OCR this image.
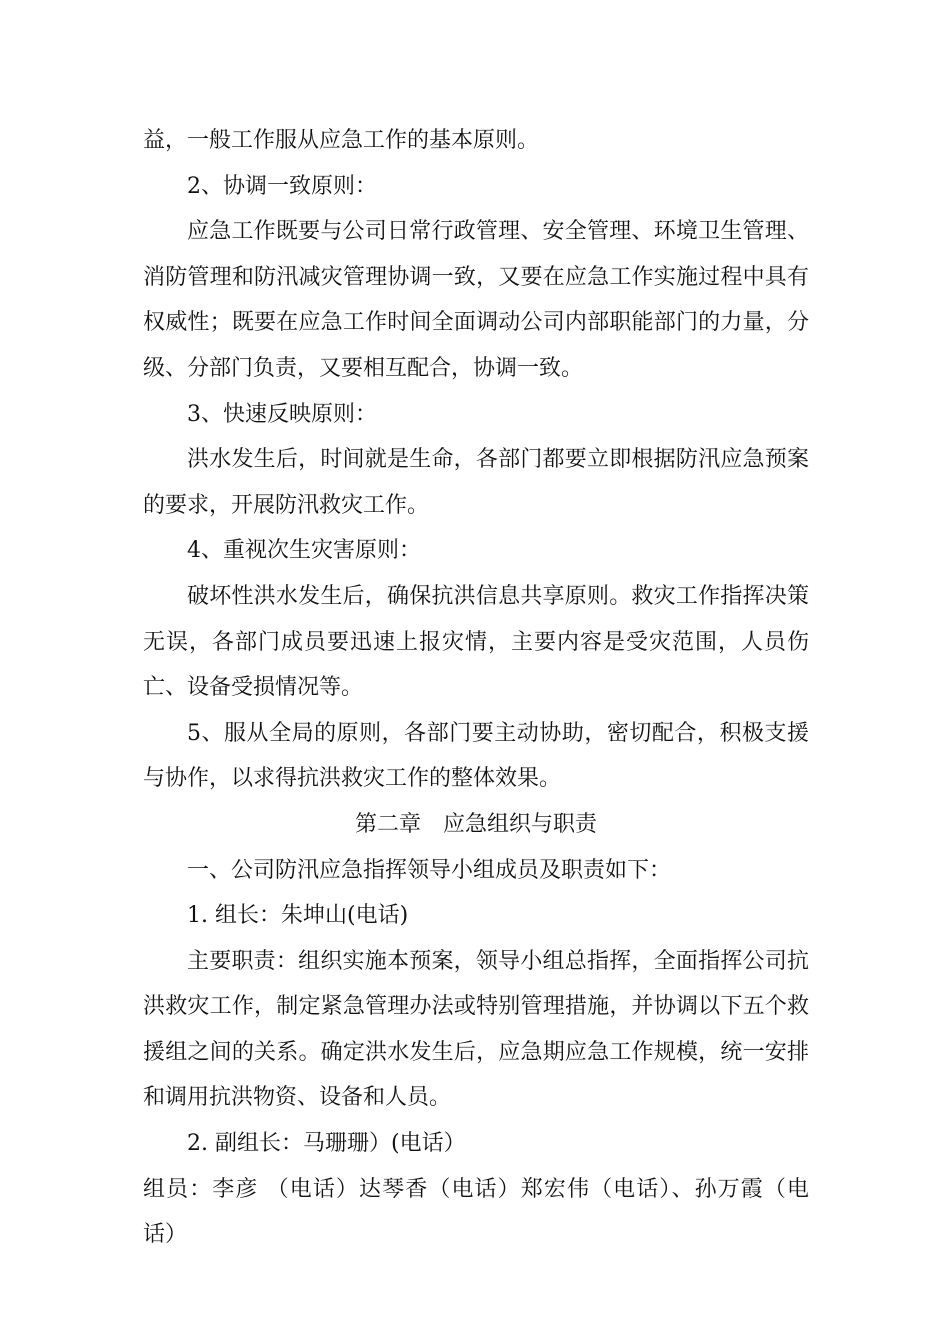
益，一般工作服从应急工作的基本原则。

2、协调一致原则：

应急工作既要与公司日常行政管理、安全管理、环境卫生管理、消防管理和防汛减灾管理协调一致，又要在应急工作实施过程中具有权威性；既要在应急工作时间全面调动公司内部职能部门的力量，分级、分部门负责，又要相互配合，协调一致。

3、快速反映原则：

洪水发生后，时间就是生命，各部门都要立即根据防汛应急预案的要求，开展防汛救灾工作。

4、重视次生灾害原则：

破坏性洪水发生后，确保抗洪信息共享原则。救灾工作指挥决策无误，各部门成员要迅速上报灾情，主要内容是受灾范围，人员伤亡、设备受损情况等。

5、服从全局的原则，各部门要主动协助，密切配合，积极支援与协作，以求得抗洪救灾工作的整体效果。

第二章　应急组织与职责

一、公司防汛应急指挥领导小组成员及职责如下：

1. 组长：朱坤山(电话)

主要职责：组织实施本预案，领导小组总指挥，全面指挥公司抗洪救灾工作，制定紧急管理办法或特别管理措施，并协调以下五个救援组之间的关系。确定洪水发生后，应急期应急工作规模，统一安排和调用抗洪物资、设备和人员。

2. 副组长：马珊珊）(电话）

组员：李彦 （电话）达琴香（电话）郑宏伟（电话）、孙万霞（电话）
